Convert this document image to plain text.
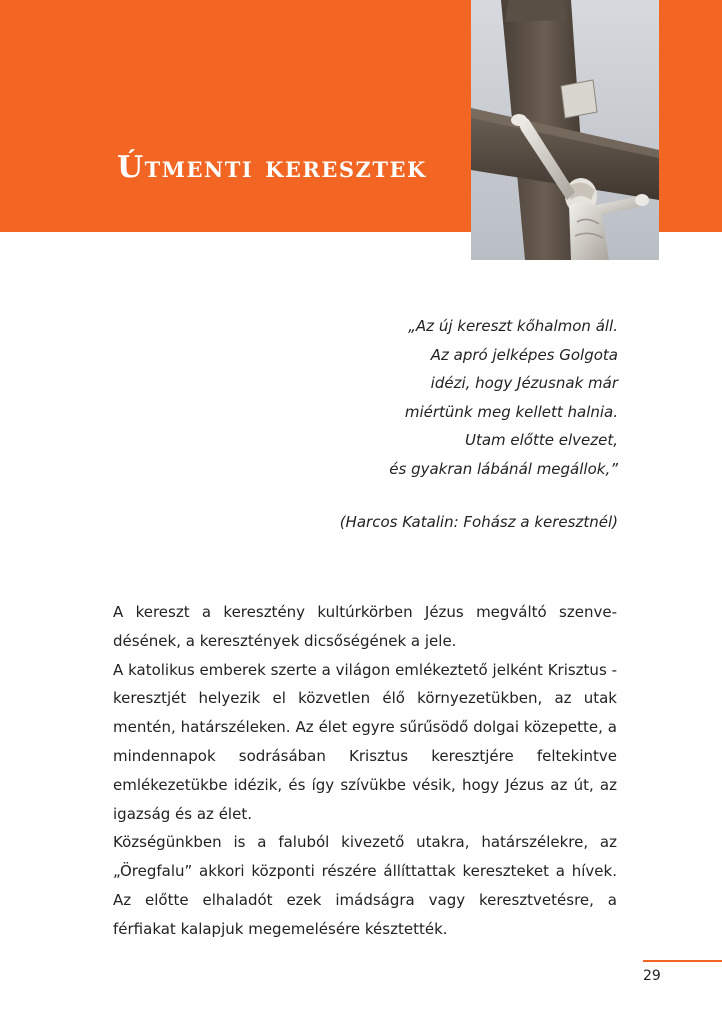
Útmenti keresztek
„Az új kereszt kőhalmon áll.
Az apró jelképes Golgota
idézi, hogy Jézusnak már
miértünk meg kellett halnia.
Utam előtte elvezet,
és gyakran lábánál megállok,”
(Harcos Katalin: Fohász a keresztnél)

A kereszt a keresztény kultúrkörben Jézus megváltó szenvedésének, a keresztények dicsőségének a jele.

A katolikus emberek szerte a világon emlékeztető jelként Krisztus - keresztjét helyezik el közvetlen élő környezetükben, az utak mentén, határszéleken. Az élet egyre sűrűsödő dolgai közepette, a mindennapok sodrásában Krisztus keresztjére feltekintve emlékezetükbe idézik, és így szívükbe vésik, hogy Jézus az út, az igazság és az élet.

Községünkben is a faluból kivezető utakra, határszélekre, az „Öregfalu” akkori központi részére állíttattak kereszteket a hívek. Az előtte elhaladót ezek imádságra vagy keresztvetésre, a férfiakat kalapjuk megemelésére késztették.

29
